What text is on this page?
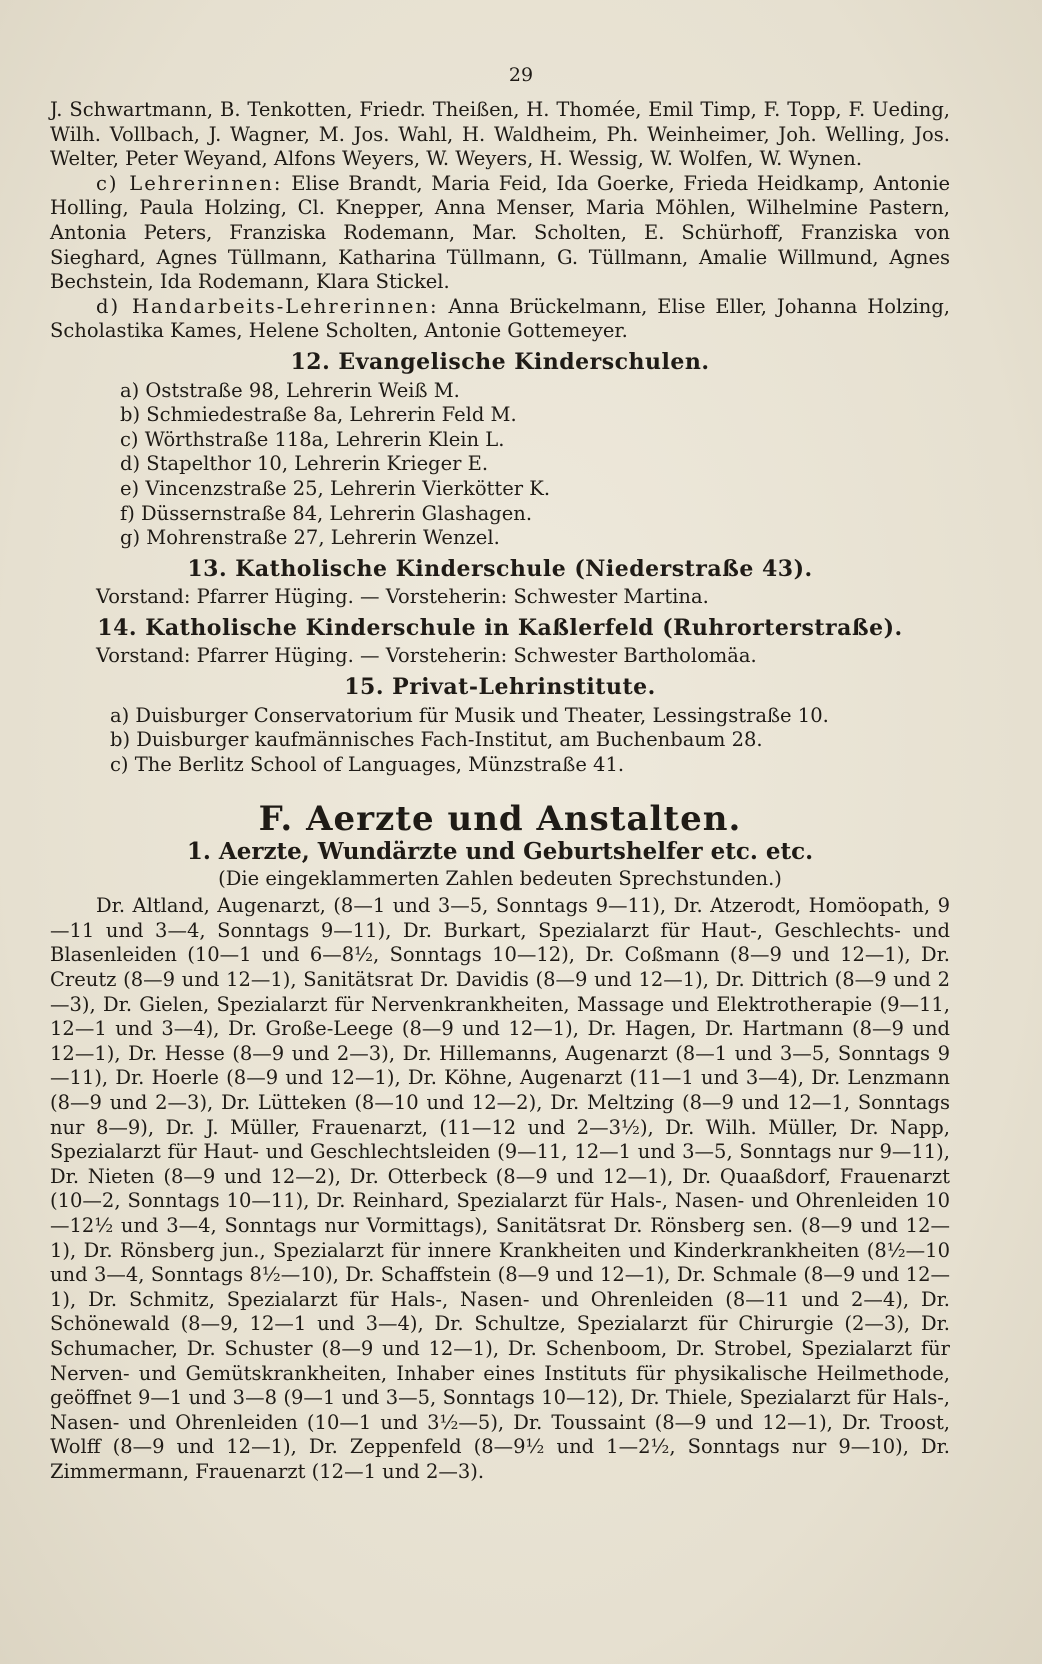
29

J. Schwartmann, B. Tenkotten, Friedr. Theißen, H. Thomée, Emil Timp, F. Topp, F. Ueding, Wilh. Vollbach, J. Wagner, M. Jos. Wahl, H. Waldheim, Ph. Weinheimer, Joh. Welling, Jos. Welter, Peter Weyand, Alfons Weyers, W. Weyers, H. Wessig, W. Wolfen, W. Wynen.

c) Lehrerinnen: Elise Brandt, Maria Feid, Ida Goerke, Frieda Heidkamp, Antonie Holling, Paula Holzing, Cl. Knepper, Anna Menser, Maria Möhlen, Wilhelmine Pastern, Antonia Peters, Franziska Rodemann, Mar. Scholten, E. Schürhoff, Franziska von Sieghard, Agnes Tüllmann, Katharina Tüllmann, G. Tüllmann, Amalie Willmund, Agnes Bechstein, Ida Rodemann, Klara Stickel.

d) Handarbeits-Lehrerinnen: Anna Brückelmann, Elise Eller, Johanna Holzing, Scholastika Kames, Helene Scholten, Antonie Gottemeyer.

12. Evangelische Kinderschulen.
a) Oststraße 98, Lehrerin Weiß M.
b) Schmiedestraße 8a, Lehrerin Feld M.
c) Wörthstraße 118a, Lehrerin Klein L.
d) Stapelthor 10, Lehrerin Krieger E.
e) Vincenzstraße 25, Lehrerin Vierkötter K.
f) Düssernstraße 84, Lehrerin Glashagen.
g) Mohrenstraße 27, Lehrerin Wenzel.
13. Katholische Kinderschule (Niederstraße 43).

Vorstand: Pfarrer Hüging. — Vorsteherin: Schwester Martina.

14. Katholische Kinderschule in Kaßlerfeld (Ruhrorterstraße).

Vorstand: Pfarrer Hüging. — Vorsteherin: Schwester Bartholomäa.

15. Privat-Lehrinstitute.
a) Duisburger Conservatorium für Musik und Theater, Lessingstraße 10.
b) Duisburger kaufmännisches Fach-Institut, am Buchenbaum 28.
c) The Berlitz School of Languages, Münzstraße 41.
F. Aerzte und Anstalten.
1. Aerzte, Wundärzte und Geburtshelfer etc. etc.
(Die eingeklammerten Zahlen bedeuten Sprechstunden.)

Dr. Altland, Augenarzt, (8—1 und 3—5, Sonntags 9—11), Dr. Atzerodt, Homöopath, 9—11 und 3—4, Sonntags 9—11), Dr. Burkart, Spezialarzt für Haut-, Geschlechts- und Blasenleiden (10—1 und 6—8½, Sonntags 10—12), Dr. Coßmann (8—9 und 12—1), Dr. Creutz (8—9 und 12—1), Sanitätsrat Dr. Davidis (8—9 und 12—1), Dr. Dittrich (8—9 und 2—3), Dr. Gielen, Spezialarzt für Nervenkrankheiten, Massage und Elektrotherapie (9—11, 12—1 und 3—4), Dr. Große-Leege (8—9 und 12—1), Dr. Hagen, Dr. Hartmann (8—9 und 12—1), Dr. Hesse (8—9 und 2—3), Dr. Hillemanns, Augenarzt (8—1 und 3—5, Sonntags 9—11), Dr. Hoerle (8—9 und 12—1), Dr. Köhne, Augenarzt (11—1 und 3—4), Dr. Lenzmann (8—9 und 2—3), Dr. Lütteken (8—10 und 12—2), Dr. Meltzing (8—9 und 12—1, Sonntags nur 8—9), Dr. J. Müller, Frauenarzt, (11—12 und 2—3½), Dr. Wilh. Müller, Dr. Napp, Spezialarzt für Haut- und Geschlechtsleiden (9—11, 12—1 und 3—5, Sonntags nur 9—11), Dr. Nieten (8—9 und 12—2), Dr. Otterbeck (8—9 und 12—1), Dr. Quaaßdorf, Frauenarzt (10—2, Sonntags 10—11), Dr. Reinhard, Spezialarzt für Hals-, Nasen- und Ohrenleiden 10—12½ und 3—4, Sonntags nur Vormittags), Sanitätsrat Dr. Rönsberg sen. (8—9 und 12—1), Dr. Rönsberg jun., Spezialarzt für innere Krankheiten und Kinderkrankheiten (8½—10 und 3—4, Sonntags 8½—10), Dr. Schaffstein (8—9 und 12—1), Dr. Schmale (8—9 und 12—1), Dr. Schmitz, Spezialarzt für Hals-, Nasen- und Ohrenleiden (8—11 und 2—4), Dr. Schönewald (8—9, 12—1 und 3—4), Dr. Schultze, Spezialarzt für Chirurgie (2—3), Dr. Schumacher, Dr. Schuster (8—9 und 12—1), Dr. Schenboom, Dr. Strobel, Spezialarzt für Nerven- und Gemütskrankheiten, Inhaber eines Instituts für physikalische Heilmethode, geöffnet 9—1 und 3—8 (9—1 und 3—5, Sonntags 10—12), Dr. Thiele, Spezialarzt für Hals-, Nasen- und Ohrenleiden (10—1 und 3½—5), Dr. Toussaint (8—9 und 12—1), Dr. Troost, Wolff (8—9 und 12—1), Dr. Zeppenfeld (8—9½ und 1—2½, Sonntags nur 9—10), Dr. Zimmermann, Frauenarzt (12—1 und 2—3).
